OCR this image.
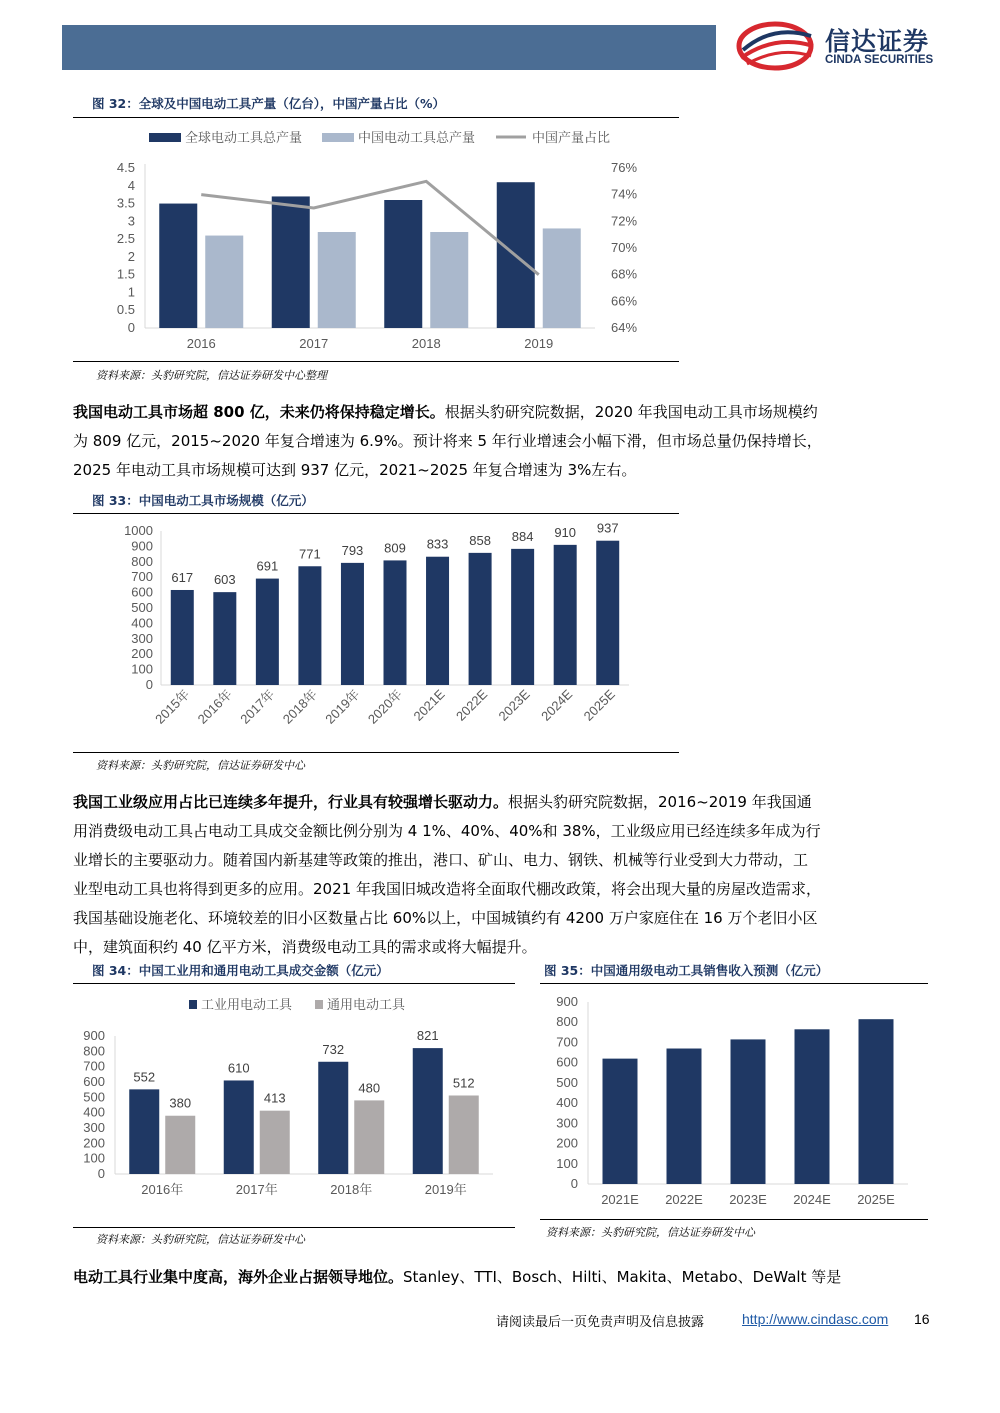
信达证券
CINDA SECURITIES
图 32：全球及中国电动工具产量（亿台），中国产量占比（%）
全球电动工具总产量	中国电动工具总产量	中国产量占比
0
0.5
1
1.5
2
2.5
3
3.5
4
4.5
64%
66%
68%
70%
72%
74%
76%
2016	2017	2018	2019
资料来源：头豹研究院，信达证券研发中心整理
我国电动工具市场超 800 亿，未来仍将保持稳定增长。根据头豹研究院数据，2020 年我国电动工具市场规模约
为 809 亿元，2015~2020 年复合增速为 6.9%。预计将来 5 年行业增速会小幅下滑，但市场总量仍保持增长，
2025 年电动工具市场规模可达到 937 亿元，2021~2025 年复合增速为 3%左右。
图 33：中国电动工具市场规模（亿元）
0
100
200
300
400
500
600
700
800
900
1000
617
2015年
603
2016年
691
2017年
771
2018年
793
2019年
809
2020年
833
2021E
858
2022E
884
2023E
910
2024E
937
2025E
资料来源：头豹研究院，信达证券研发中心
我国工业级应用占比已连续多年提升，行业具有较强增长驱动力。根据头豹研究院数据，2016~2019 年我国通
用消费级电动工具占电动工具成交金额比例分别为 4 1%、40%、40%和 38%，工业级应用已经连续多年成为行
业增长的主要驱动力。随着国内新基建等政策的推出，港口、矿山、电力、钢铁、机械等行业受到大力带动，工
业型电动工具也将得到更多的应用。2021 年我国旧城改造将全面取代棚改政策，将会出现大量的房屋改造需求，
我国基础设施老化、环境较差的旧小区数量占比 60%以上，中国城镇约有 4200 万户家庭住在 16 万个老旧小区
中，建筑面积约 40 亿平方米，消费级电动工具的需求或将大幅提升。
图 34：中国工业用和通用电动工具成交金额（亿元）
工业用电动工具	通用电动工具
0
100
200
300
400
500
600
700
800
900
552
380
2016年
610
413
2017年
732
480
2018年
821
512
2019年
资料来源：头豹研究院，信达证券研发中心
图 35：中国通用级电动工具销售收入预测（亿元）
0
100
200
300
400
500
600
700
800
900
2021E 2022E 2023E 2024E 2025E
资料来源：头豹研究院，信达证券研发中心
电动工具行业集中度高，海外企业占据领导地位。Stanley、TTI、Bosch、Hilti、Makita、Metabo、DeWalt 等是
请阅读最后一页免责声明及信息披露	http://www.cindasc.com 16
